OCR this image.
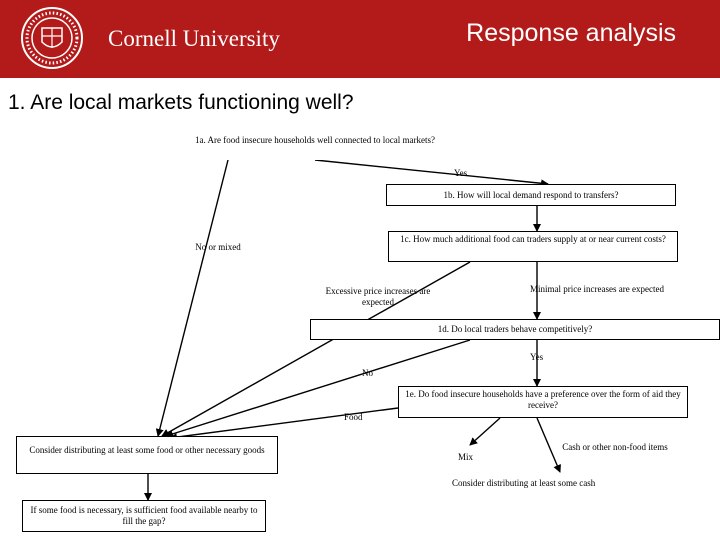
Cornell University	Response analysis
1. Are local markets functioning well?
1a. Are food insecure households well connected to local markets?
1b. How will local demand respond to transfers?
1c. How much additional food can traders supply at or near current costs?
1d. Do local traders behave competitively?
1e. Do food insecure households have a preference over the form of aid they receive?
Consider distributing at least some food or other necessary goods
If some food is necessary, is sufficient food available nearby to fill the gap?
Yes
No or mixed
Excessive price increases are expected
Minimal price increases are expected
Yes
No
Food
Mix
Cash or other non-food items
Consider distributing at least some cash
